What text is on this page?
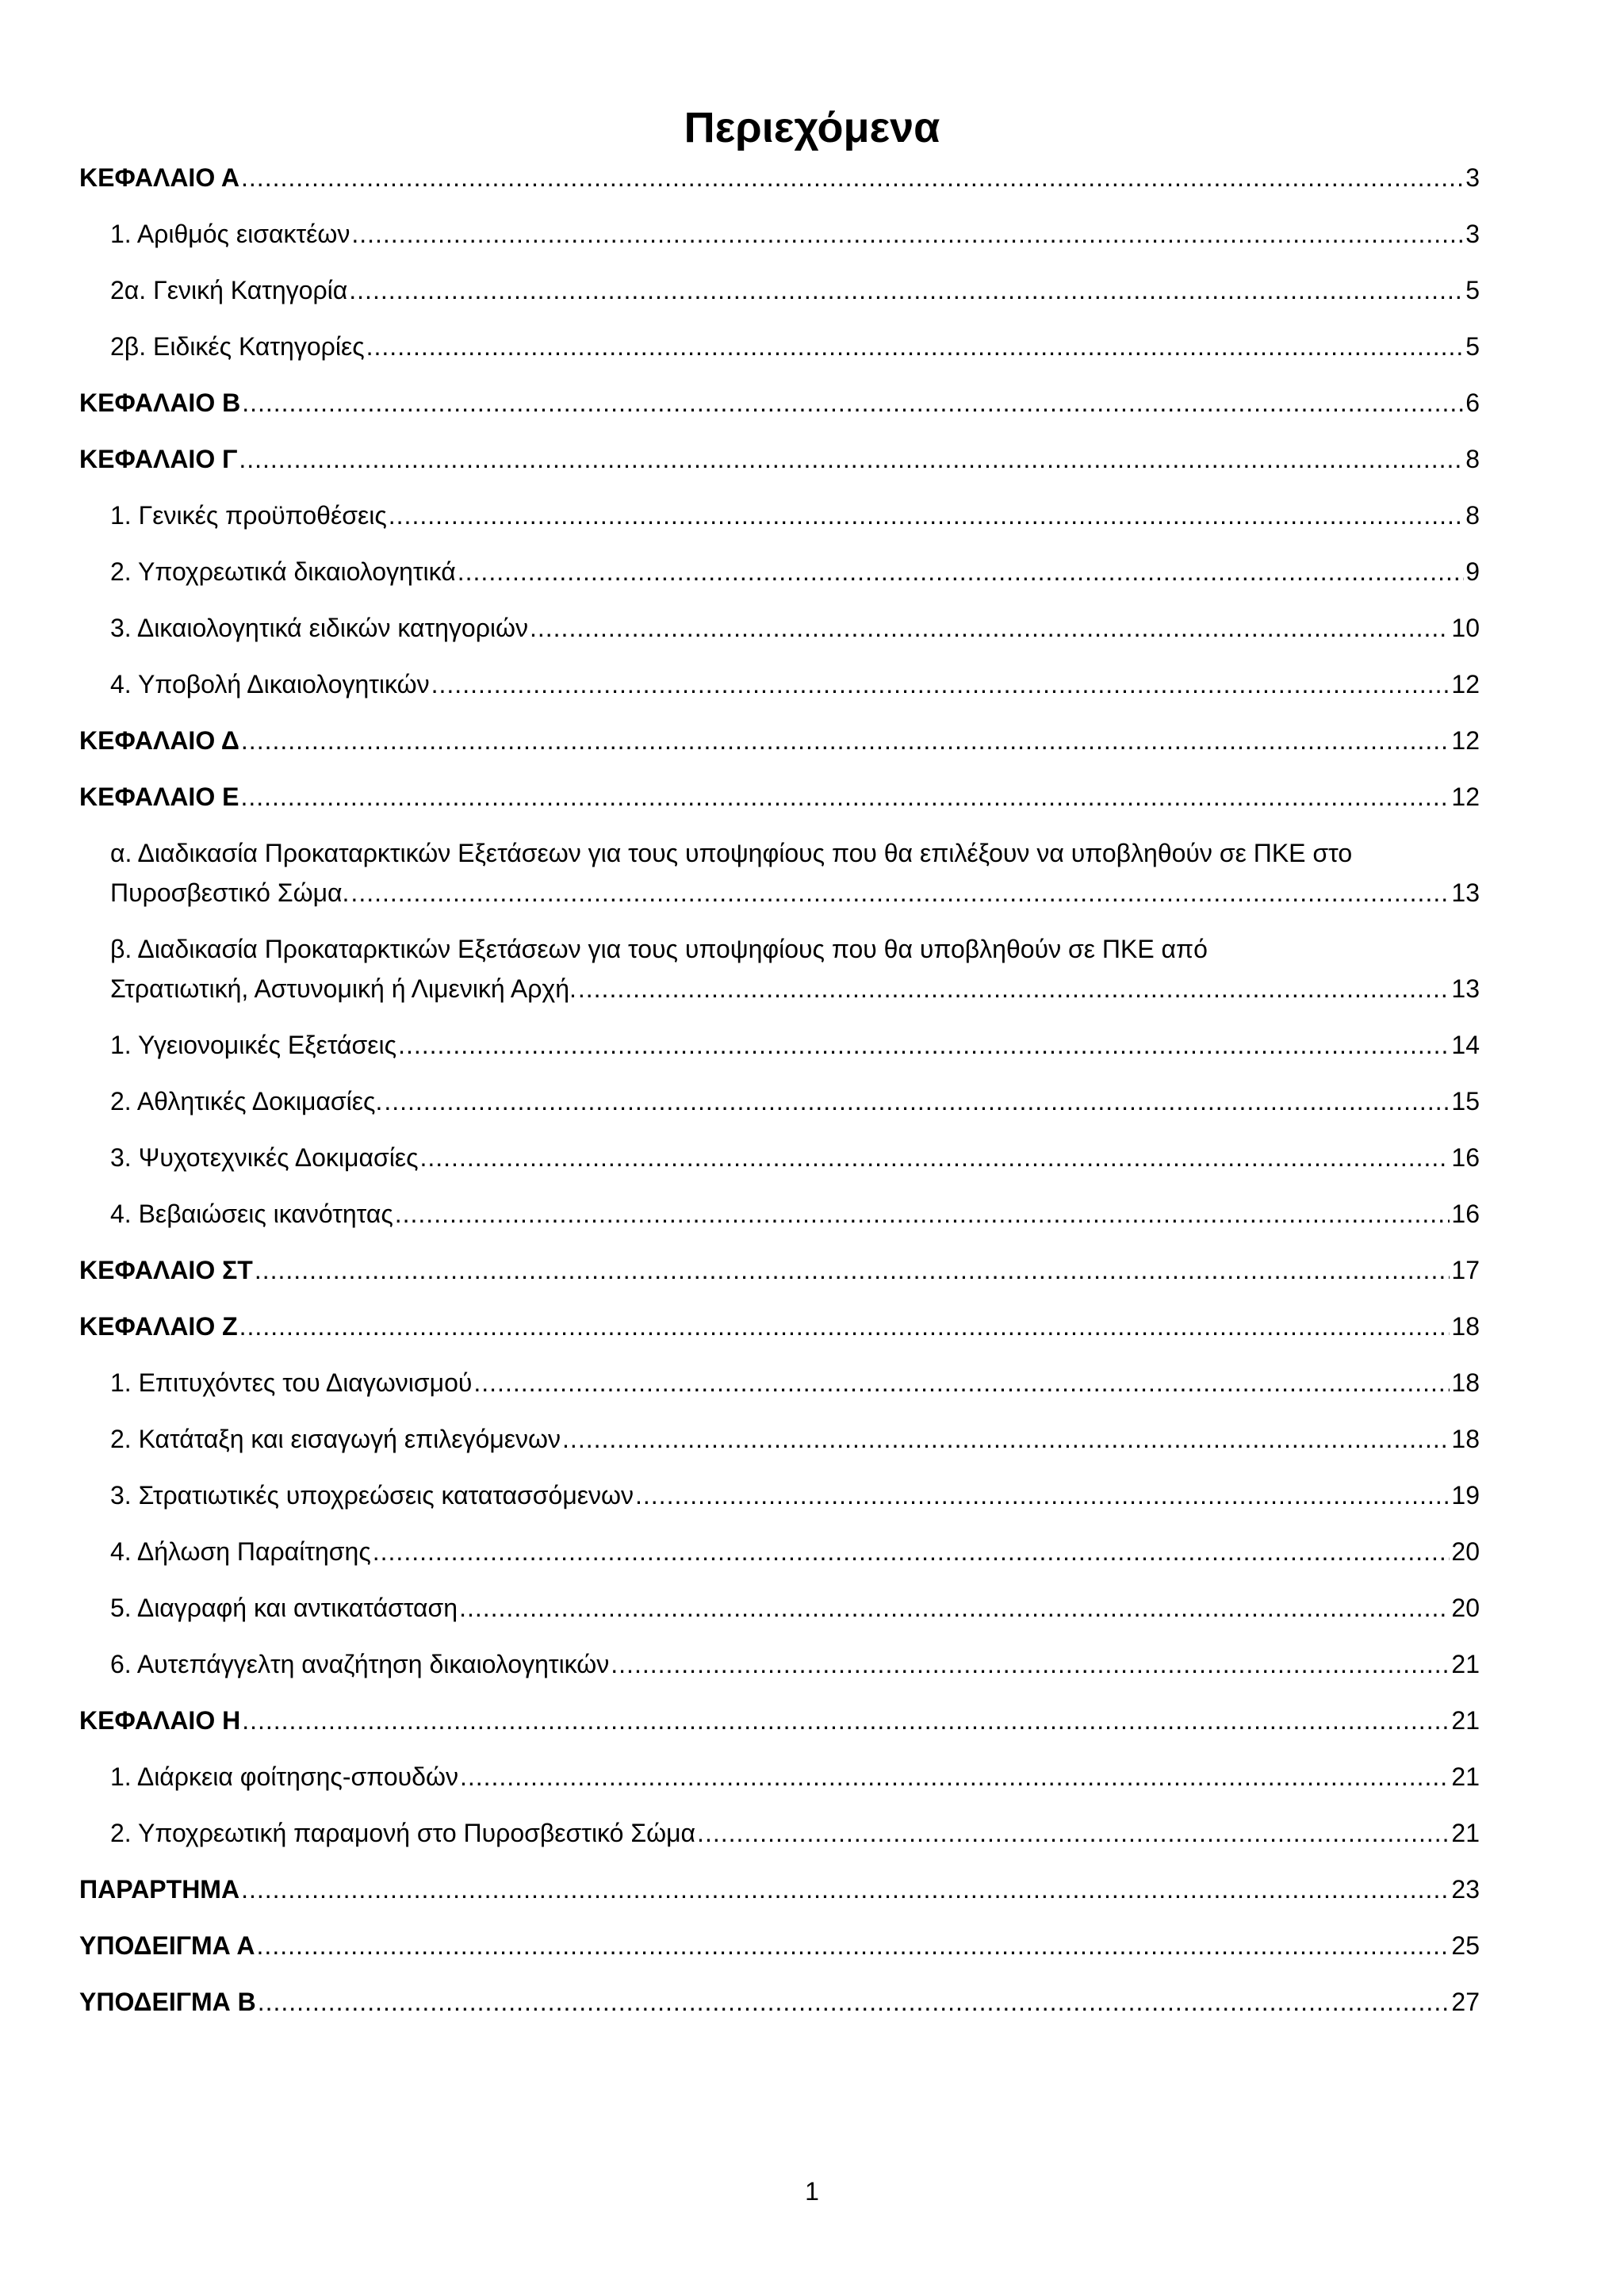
Περιεχόμενα
ΚΕΦΑΛΑΙΟ Α .....	3
1. Αριθμός εισακτέων .....	3
2α. Γενική Κατηγορία .....	5
2β. Ειδικές Κατηγορίες .....	5
ΚΕΦΑΛΑΙΟ Β .....	6
ΚΕΦΑΛΑΙΟ Γ .....	8
1. Γενικές προϋποθέσεις .....	8
2. Υποχρεωτικά δικαιολογητικά .....	9
3. Δικαιολογητικά ειδικών κατηγοριών .....	10
4. Υποβολή Δικαιολογητικών .....	12
ΚΕΦΑΛΑΙΟ Δ .....	12
ΚΕΦΑΛΑΙΟ Ε .....	12
α. Διαδικασία Προκαταρκτικών Εξετάσεων για τους υποψηφίους που θα επιλέξουν να υποβληθούν σε ΠΚΕ στο
Πυροσβεστικό Σώμα. .....	13
β. Διαδικασία Προκαταρκτικών Εξετάσεων για τους υποψηφίους που θα υποβληθούν σε ΠΚΕ από
Στρατιωτική, Αστυνομική ή Λιμενική Αρχή. .....	13
1. Υγειονομικές Εξετάσεις .....	14
2. Αθλητικές Δοκιμασίες. .....	15
3. Ψυχοτεχνικές Δοκιμασίες .....	16
4. Βεβαιώσεις ικανότητας .....	16
ΚΕΦΑΛΑΙΟ ΣΤ .....	17
ΚΕΦΑΛΑΙΟ Ζ .....	18
1. Επιτυχόντες του Διαγωνισμού .....	18
2. Κατάταξη και εισαγωγή επιλεγόμενων .....	18
3. Στρατιωτικές υποχρεώσεις κατατασσόμενων .....	19
4. Δήλωση Παραίτησης .....	20
5. Διαγραφή και αντικατάσταση .....	20
6. Αυτεπάγγελτη αναζήτηση δικαιολογητικών .....	21
ΚΕΦΑΛΑΙΟ Η .....	21
1. Διάρκεια φοίτησης-σπουδών .....	21
2. Υποχρεωτική παραμονή στο Πυροσβεστικό Σώμα .....	21
ΠΑΡΑΡΤΗΜΑ .....	23
ΥΠΟΔΕΙΓΜΑ Α .....	25
ΥΠΟΔΕΙΓΜΑ Β .....	27
1
